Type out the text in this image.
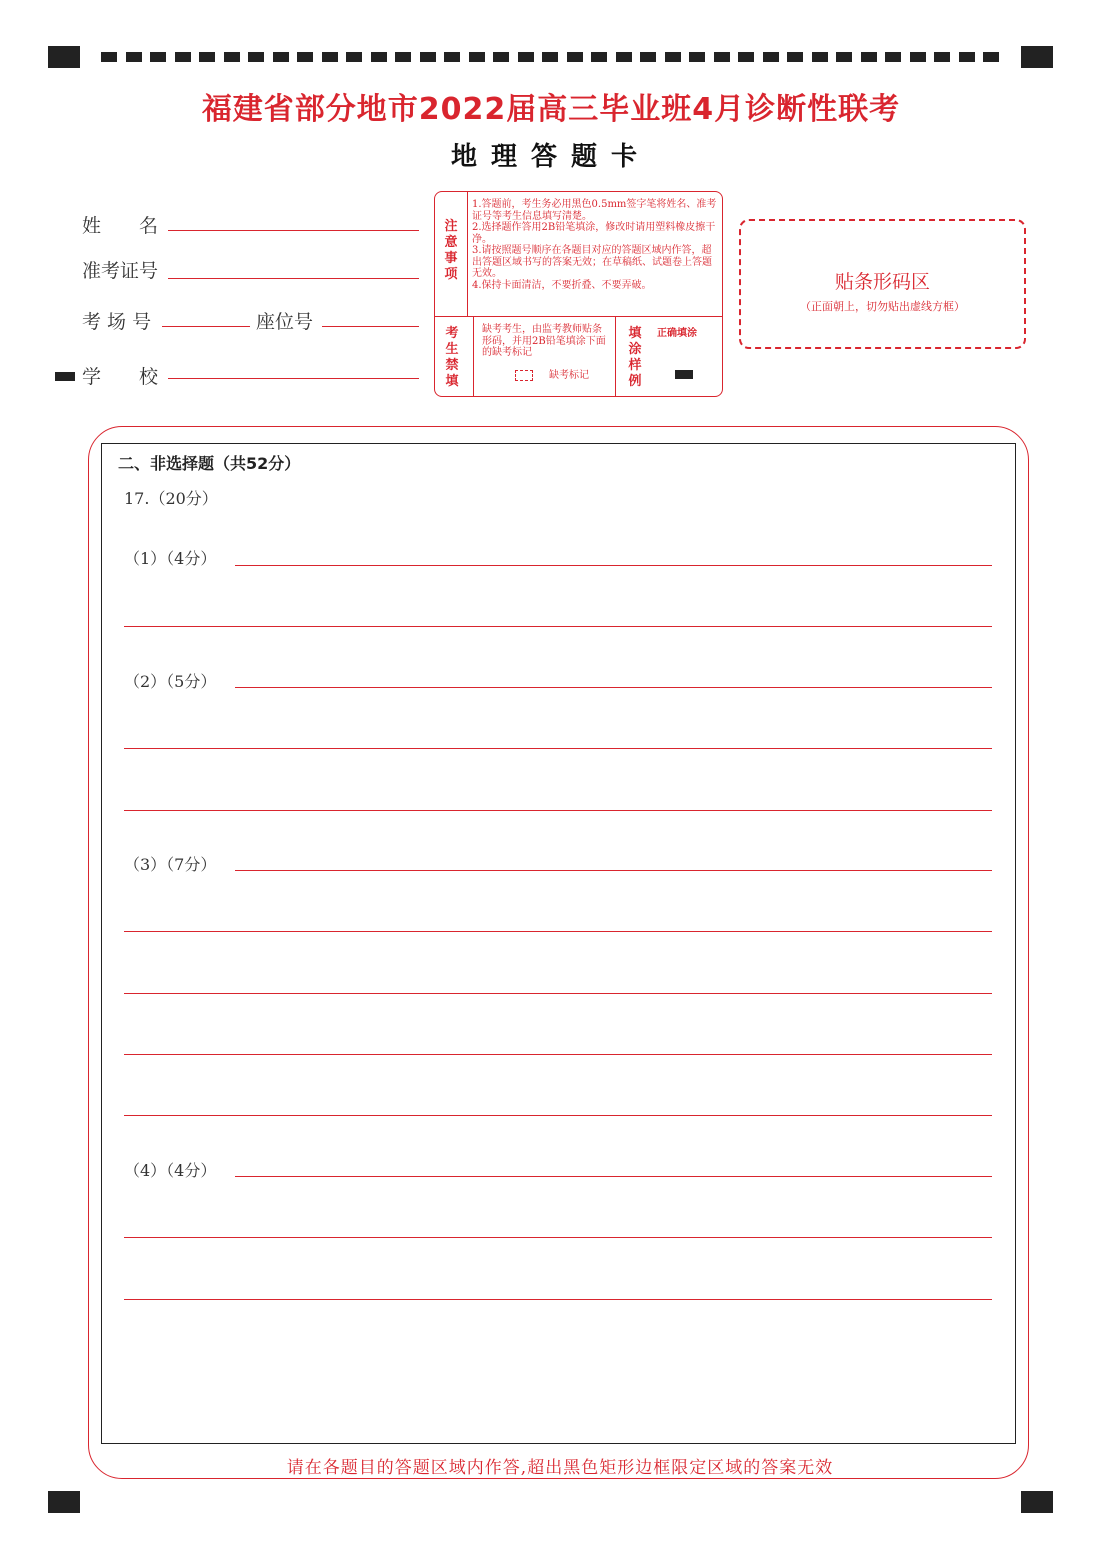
福建省部分地市2022届高三毕业班4月诊断性联考
地理答题卡
姓　　名
准考证号
考 场 号	座位号
学　　校
注意事项
1.答题前，考生务必用黑色0.5mm签字笔将姓名、准考证号等考生信息填写清楚。
2.选择题作答用2B铅笔填涂，修改时请用塑料橡皮擦干净。
3.请按照题号顺序在各题目对应的答题区域内作答，超出答题区域书写的答案无效；在草稿纸、试题卷上答题无效。
4.保持卡面清洁，不要折叠、不要弄破。
考生禁填
缺考考生，由监考教师贴条形码，并用2B铅笔填涂下面的缺考标记
缺考标记
填涂样例
正确填涂
贴条形码区
（正面朝上，切勿贴出虚线方框）
二、非选择题（共52分）
17.（20分）
（1）（4分）
（2）（5分）
（3）（7分）
（4）（4分）
请在各题目的答题区域内作答,超出黑色矩形边框限定区域的答案无效
